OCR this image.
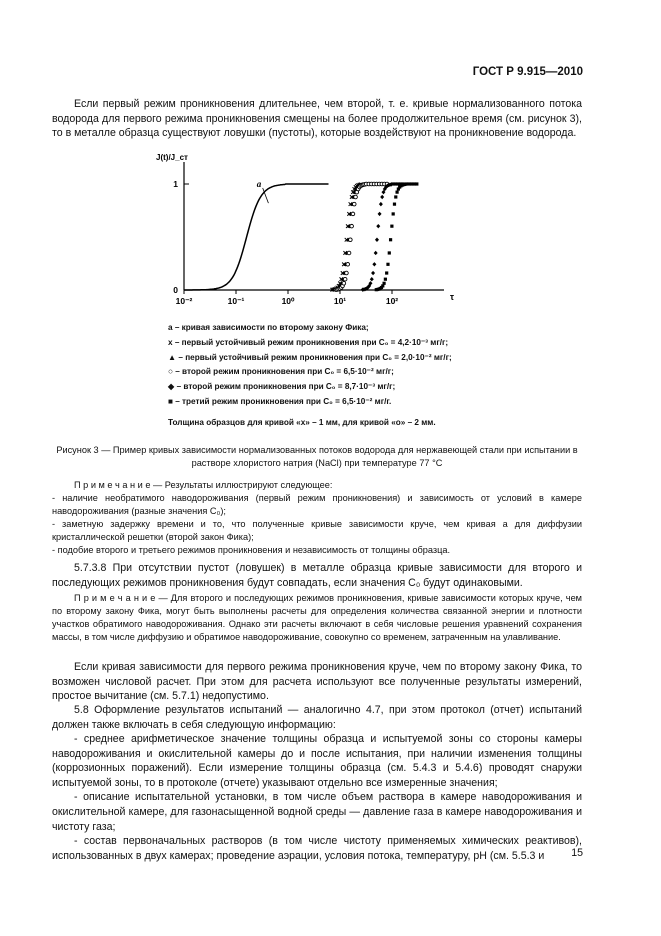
ГОСТ Р 9.915—2010
Если первый режим проникновения длительнее, чем второй, т. е. кривые нормализованного потока водорода для первого режима проникновения смещены на более продолжительное время (см. рисунок 3), то в металле образца существуют ловушки (пустоты), которые воздействуют на проникновение водорода.
10⁻²	10⁻¹	10⁰	10¹	10²
0
1
J(t)/J_ст
τ
a
a – кривая зависимости по второму закону Фика;
x – первый устойчивый режим проникновения при C₀ = 4,2·10⁻³ мг/г;
▲ – первый устойчивый режим проникновения при C₀ = 2,0·10⁻² мг/г;
○ – второй режим проникновения при C₀ = 6,5·10⁻² мг/г;
◆ – второй режим проникновения при C₀ = 8,7·10⁻³ мг/г;
■ – третий режим проникновения при C₀ = 6,5·10⁻² мг/г.
Толщина образцов для кривой «x» – 1 мм, для кривой «o» – 2 мм.
Рисунок 3 — Пример кривых зависимости нормализованных потоков водорода для нержавеющей стали при испытании в растворе хлористого натрия (NaCl) при температуре 77 °C
П р и м е ч а н и е — Результаты иллюстрируют следующее:
- наличие необратимого наводороживания (первый режим проникновения) и зависимость от условий в камере наводороживания (разные значения C₀);
- заметную задержку времени и то, что полученные кривые зависимости круче, чем кривая a для диффузии кристаллической решетки (второй закон Фика);
- подобие второго и третьего режимов проникновения и независимость от толщины образца.
5.7.3.8 При отсутствии пустот (ловушек) в металле образца кривые зависимости для второго и последующих режимов проникновения будут совпадать, если значения C₀ будут одинаковыми.
П р и м е ч а н и е — Для второго и последующих режимов проникновения, кривые зависимости которых круче, чем по второму закону Фика, могут быть выполнены расчеты для определения количества связанной энергии и плотности участков обратимого наводороживания. Однако эти расчеты включают в себя числовые решения уравнений сохранения массы, в том числе диффузию и обратимое наводороживание, совокупно со временем, затраченным на улавливание.
Если кривая зависимости для первого режима проникновения круче, чем по второму закону Фика, то возможен числовой расчет. При этом для расчета используют все полученные результаты измерений, простое вычитание (см. 5.7.1) недопустимо.
5.8 Оформление результатов испытаний — аналогично 4.7, при этом протокол (отчет) испытаний должен также включать в себя следующую информацию:
- среднее арифметическое значение толщины образца и испытуемой зоны со стороны камеры наводороживания и окислительной камеры до и после испытания, при наличии изменения толщины (коррозионных поражений). Если измерение толщины образца (см. 5.4.3 и 5.4.6) проводят снаружи испытуемой зоны, то в протоколе (отчете) указывают отдельно все измеренные значения;
- описание испытательной установки, в том числе объем раствора в камере наводороживания и окислительной камере, для газонасыщенной водной среды — давление газа в камере наводороживания и чистоту газа;
- состав первоначальных растворов (в том числе чистоту применяемых химических реактивов), использованных в двух камерах; проведение аэрации, условия потока, температуру, pH (см. 5.5.3 и	15
